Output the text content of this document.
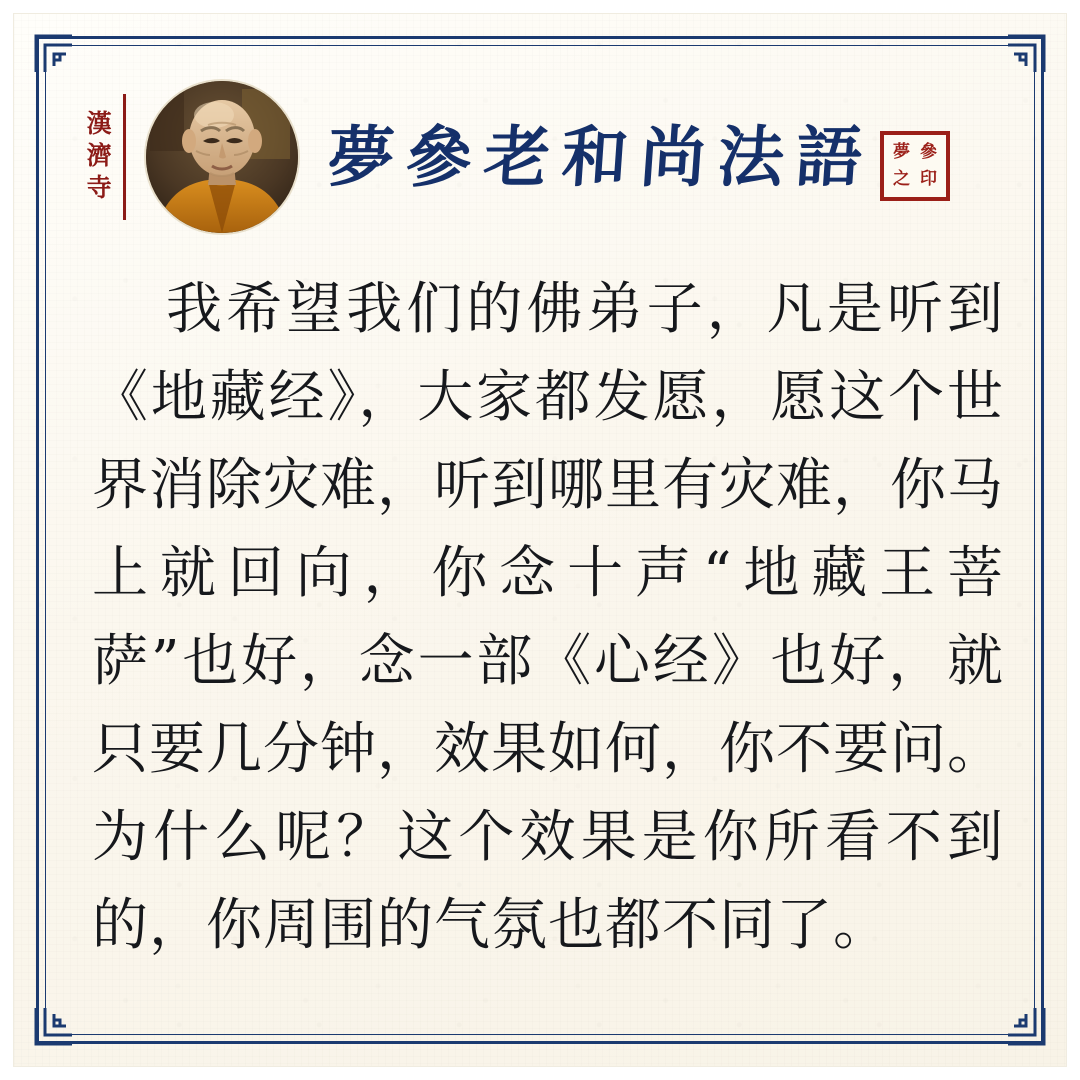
漢濟寺	夢參老和尚法語 夢 參
之 印
我希望我们的佛弟子，凡是听到《地藏经》，大家都发愿，愿这个世界消除灾难，听到哪里有灾难，你马上就回向，你念十声“地藏王菩萨”也好，念一部《心经》也好，就只要几分钟，效果如何，你不要问。为什么呢？这个效果是你所看不到的，你周围的气氛也都不同了。
